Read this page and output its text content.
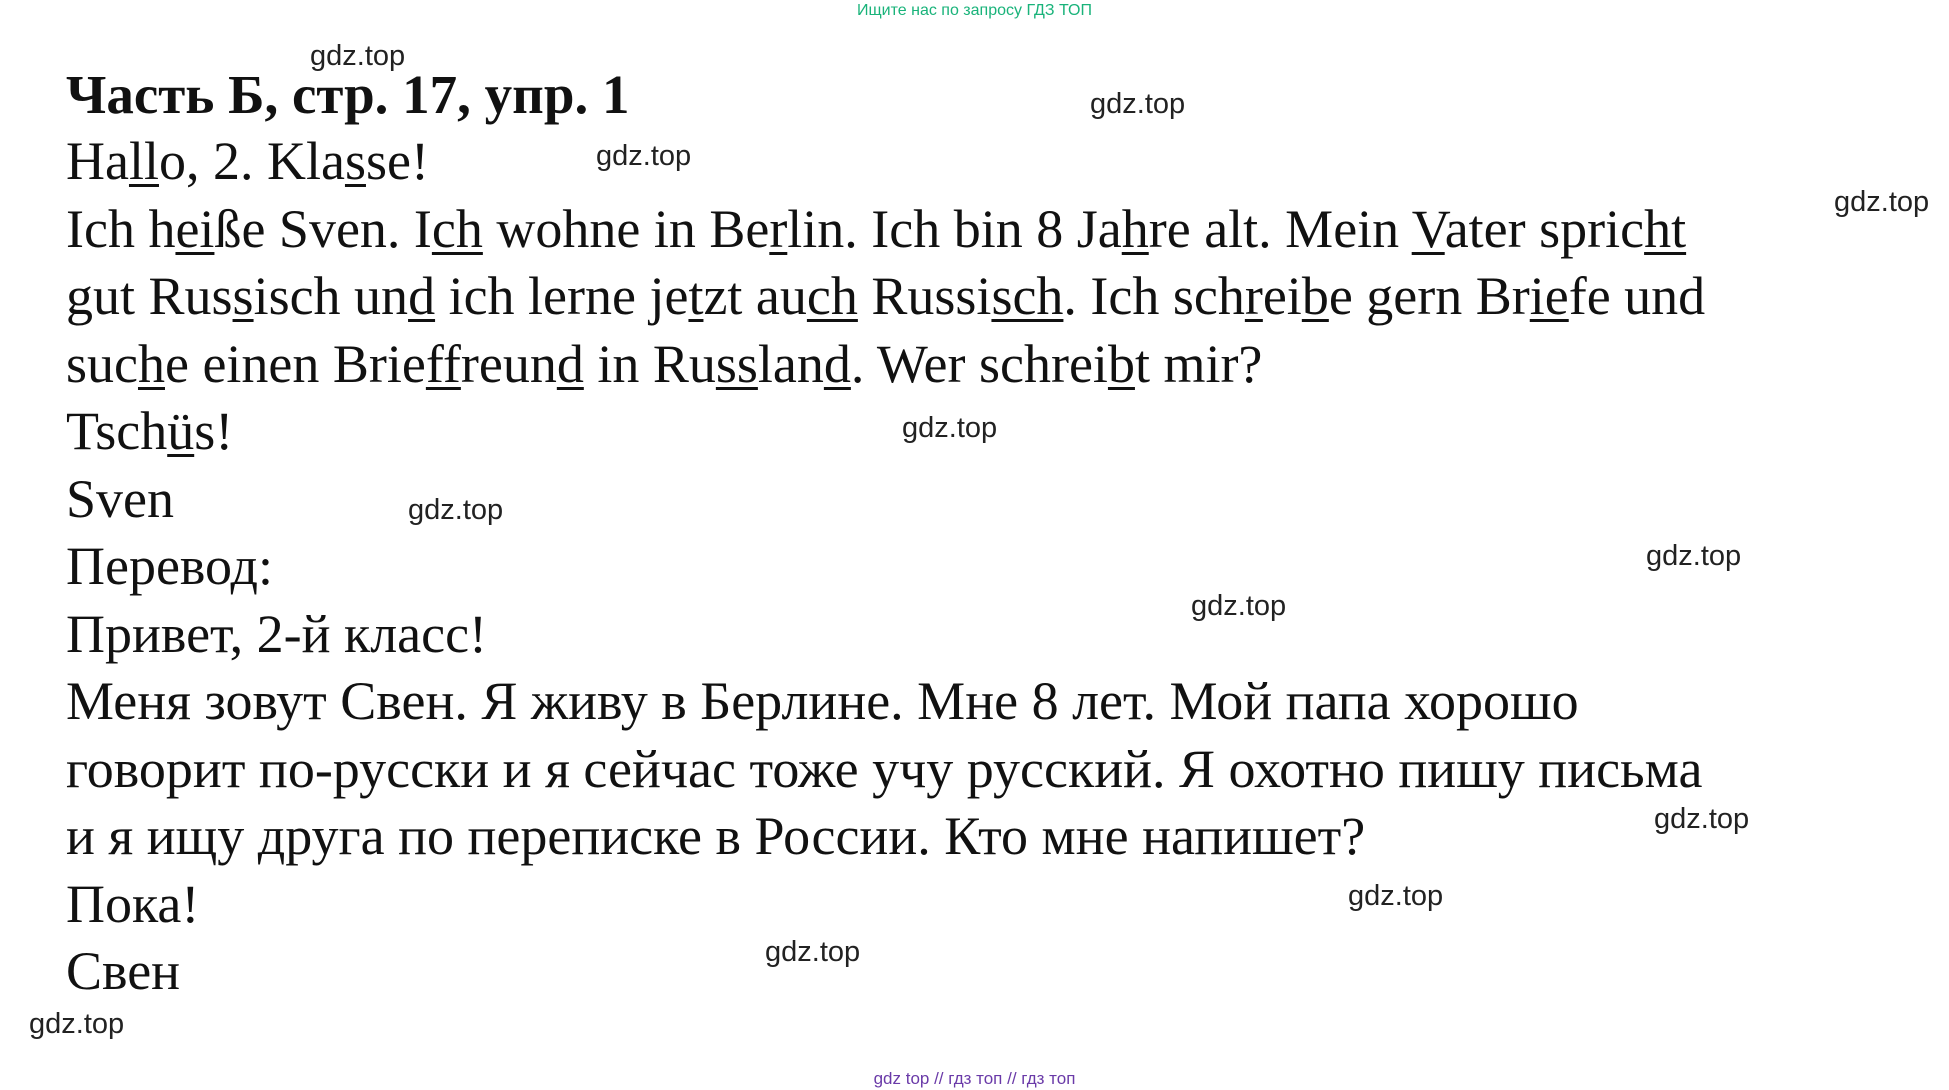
Ищите нас по запросу ГДЗ ТОП
Часть Б, стр. 17, упр. 1
Hallo, 2. Klasse!
Ich heiße Sven. Ich wohne in Berlin. Ich bin 8 Jahre alt. Mein Vater spricht
gut Russisch und ich lerne jetzt auch Russisch. Ich schreibe gern Briefe und
suche einen Brieffreund in Russland. Wer schreibt mir?
Tschüs!
Sven
Перевод:
Привет, 2-й класс!
Меня зовут Свен. Я живу в Берлине. Мне 8 лет. Мой папа хорошо
говорит по-русски и я сейчас тоже учу русский. Я охотно пишу письма
и я ищу друга по переписке в России. Кто мне напишет?
Пока!
Свен
gdz.top
gdz.top
gdz.top
gdz.top
gdz.top
gdz.top
gdz.top
gdz.top
gdz.top
gdz.top
gdz.top
gdz.top
gdz top // гдз топ // гдз топ
